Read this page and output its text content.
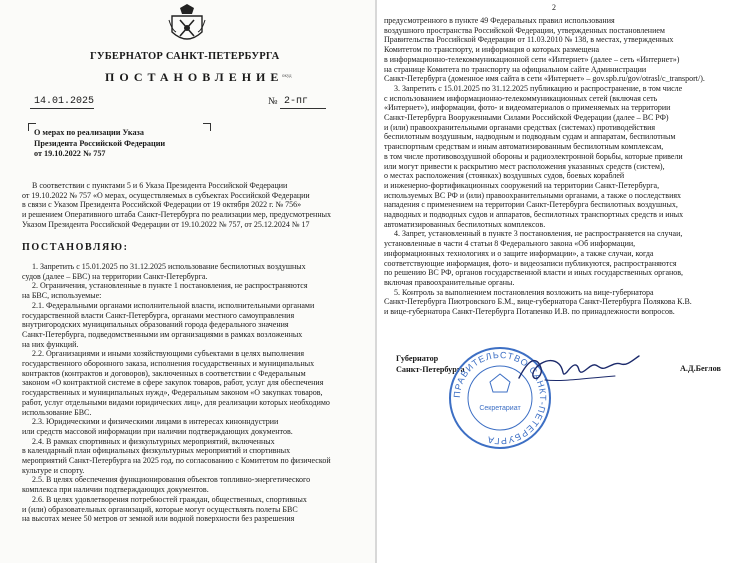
ГУБЕРНАТОР САНКТ-ПЕТЕРБУРГА
ПОСТАНОВЛЕНИЕ
окуд
14.01.2025	№ 2-пг
О мерах по реализации Указа
Президента Российской Федерации
от 19.10.2022 № 757
В соответствии с пунктами 5 и 6 Указа Президента Российской Федерации
от 19.10.2022 № 757 «О мерах, осуществляемых в субъектах Российской Федерации
в связи с Указом Президента Российской Федерации от 19 октября 2022 г. № 756»
и решением Оперативного штаба Санкт-Петербурга по реализации мер, предусмотренных
Указом Президента Российской Федерации от 19.10.2022 № 757, от 25.12.2024 № 17
ПОСТАНОВЛЯЮ:
1. Запретить с 15.01.2025 по 31.12.2025 использование беспилотных воздушных
судов (далее – БВС) на территории Санкт-Петербурга.
2. Ограничения, установленные в пункте 1 постановления, не распространяются
на БВС, используемые:
2.1. Федеральными органами исполнительной власти, исполнительными органами
государственной власти Санкт-Петербурга, органами местного самоуправления
внутригородских муниципальных образований города федерального значения
Санкт-Петербурга, подведомственными им организациями в рамках возложенных
на них функций.
2.2. Организациями и иными хозяйствующими субъектами в целях выполнения
государственного оборонного заказа, исполнения государственных и муниципальных
контрактов (контрактов и договоров), заключенных в соответствии с Федеральным
законом «О контрактной системе в сфере закупок товаров, работ, услуг для обеспечения
государственных и муниципальных нужд», Федеральным законом «О закупках товаров,
работ, услуг отдельными видами юридических лиц», для реализации которых необходимо
использование БВС.
2.3. Юридическими и физическими лицами в интересах кинонндустрии
или средств массовой информации при наличии подтверждающих документов.
2.4. В рамках спортивных и физкультурных мероприятий, включенных
в календарный план официальных физкультурных мероприятий и спортивных
мероприятий Санкт-Петербурга на 2025 год, по согласованию с Комитетом по физической
культуре и спорту.
2.5. В целях обеспечения функционирования объектов топливно-энергетического
комплекса при наличии подтверждающих документов.
2.6. В целях удовлетворения потребностей граждан, общественных, спортивных
и (или) образовательных организаций, которые могут осуществлять полеты БВС
на высотах менее 50 метров от земной или водной поверхности без разрешения
2
предусмотренного в пункте 49 Федеральных правил использования
воздушного пространства Российской Федерации, утвержденных постановлением
Правительства Российской Федерации от 11.03.2010 № 138, в местах, утвержденных
Комитетом по транспорту, и информация о которых размещена
в информационно-телекоммуникационной сети «Интернет» (далее – сеть «Интернет»)
на странице Комитета по транспорту на официальном сайте Администрации
Санкт-Петербурга (доменное имя сайта в сети «Интернет» – gov.spb.ru/gov/otrasl/c_transport/).
3. Запретить с 15.01.2025 по 31.12.2025 публикацию и распространение, в том числе
с использованием информационно-телекоммуникационных сетей (включая сеть
«Интернет»), информации, фото- и видеоматериалов о применяемых на территории
Санкт-Петербурга Вооруженными Силами Российской Федерации (далее – ВС РФ)
и (или) правоохранительными органами средствах (системах) противодействия
беспилотным воздушным, надводным и подводным судам и аппаратам, беспилотным
транспортным средствам и иным автоматизированным беспилотным комплексам,
в том числе противовоздушной обороны и радиоэлектронной борьбы, которые привели
или могут привести к раскрытию мест расположения указанных средств (систем),
о местах расположения (стоянках) воздушных судов, боевых кораблей
и инженерно-фортификационных сооружений на территории Санкт-Петербурга,
используемых ВС РФ и (или) правоохранительными органами, а также о последствиях
нападения с применением на территории Санкт-Петербурга беспилотных воздушных,
надводных и подводных судов и аппаратов, беспилотных транспортных средств и иных
автоматизированных беспилотных комплексов.
4. Запрет, установленный в пункте 3 постановления, не распространяется на случаи,
установленные в части 4 статьи 8 Федерального закона «Об информации,
информационных технологиях и о защите информации», а также случаи, когда
соответствующие информация, фото- и видеозаписи публикуются, распространяются
по решению ВС РФ, органов государственной власти и иных государственных органов,
включая правоохранительные органы.
5. Контроль за выполнением постановления возложить на вице-губернатора
Санкт-Петербурга Пиотровского Б.М., вице-губернатора Санкт-Петербурга Полякова К.В.
и вице-губернатора Санкт-Петербурга Потапенко И.В. по принадлежности вопросов.
Губернатор
Санкт-Петербурга
ПРАВИТЕЛЬСТВО САНКТ-ПЕТЕРБУРГА
Секретариат
А.Д.Беглов
